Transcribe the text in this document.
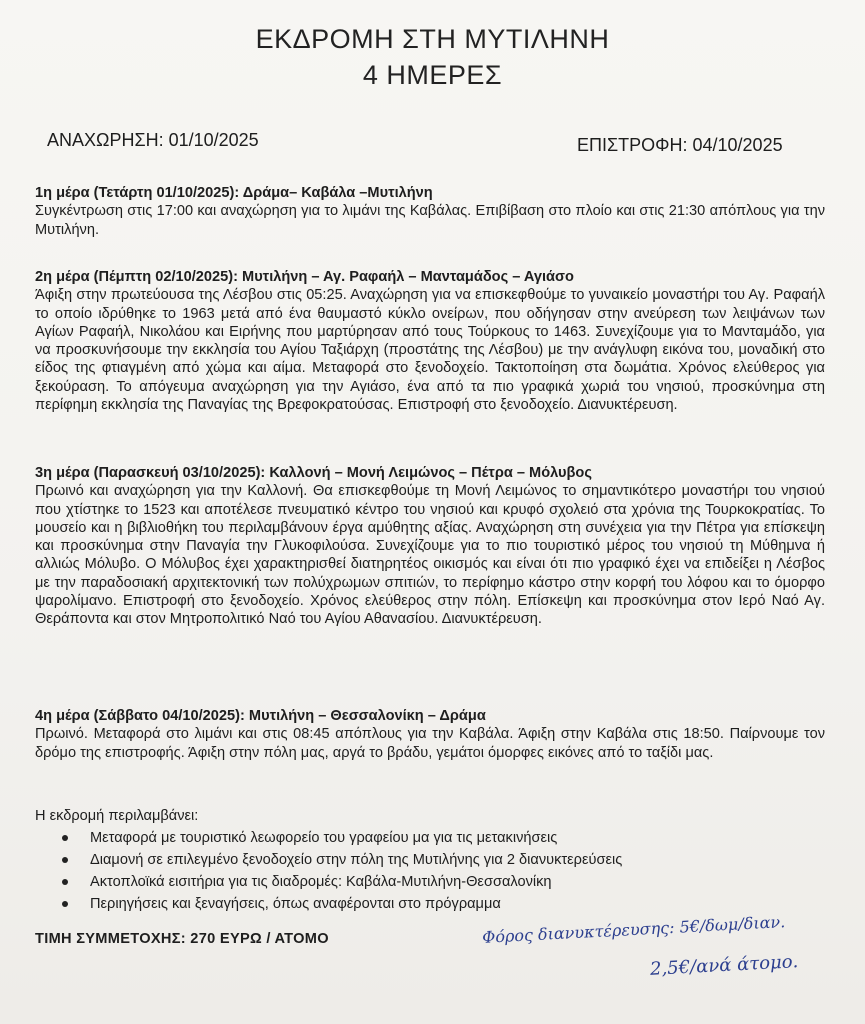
ΕΚΔΡΟΜΗ ΣΤΗ ΜΥΤΙΛΗΝΗ
4 ΗΜΕΡΕΣ
ΑΝΑΧΩΡΗΣΗ: 01/10/2025	ΕΠΙΣΤΡΟΦΗ: 04/10/2025
1η μέρα (Τετάρτη 01/10/2025): Δράμα– Καβάλα –Μυτιλήνη

Συγκέντρωση στις 17:00 και αναχώρηση για το λιμάνι της Καβάλας. Επιβίβαση στο πλοίο και στις 21:30 απόπλους για την Μυτιλήνη.

2η μέρα (Πέμπτη 02/10/2025): Μυτιλήνη – Αγ. Ραφαήλ – Μανταμάδος – Αγιάσο

Άφιξη στην πρωτεύουσα της Λέσβου στις 05:25. Αναχώρηση για να επισκεφθούμε το γυναικείο μοναστήρι του Αγ. Ραφαήλ το οποίο ιδρύθηκε το 1963 μετά από ένα θαυμαστό κύκλο ονείρων, που οδήγησαν στην ανεύρεση των λειψάνων των Αγίων Ραφαήλ, Νικολάου και Ειρήνης που μαρτύρησαν από τους Τούρκους το 1463. Συνεχίζουμε για το Μανταμάδο, για να προσκυνήσουμε την εκκλησία του Αγίου Ταξιάρχη (προστάτης της Λέσβου) με την ανάγλυφη εικόνα του, μοναδική στο είδος της φτιαγμένη από χώμα και αίμα. Μεταφορά στο ξενοδοχείο. Τακτοποίηση στα δωμάτια. Χρόνος ελεύθερος για ξεκούραση. Το απόγευμα αναχώρηση για την Αγιάσο, ένα από τα πιο γραφικά χωριά του νησιού, προσκύνημα στη περίφημη εκκλησία της Παναγίας της Βρεφοκρατούσας. Επιστροφή στο ξενοδοχείο. Διανυκτέρευση.

3η μέρα (Παρασκευή 03/10/2025): Καλλονή – Μονή Λειμώνος – Πέτρα – Μόλυβος

Πρωινό και αναχώρηση για την Καλλονή. Θα επισκεφθούμε τη Μονή Λειμώνος το σημαντικότερο μοναστήρι του νησιού που χτίστηκε το 1523 και αποτέλεσε πνευματικό κέντρο του νησιού και κρυφό σχολειό στα χρόνια της Τουρκοκρατίας. Το μουσείο και η βιβλιοθήκη του περιλαμβάνουν έργα αμύθητης αξίας. Αναχώρηση στη συνέχεια για την Πέτρα για επίσκεψη και προσκύνημα στην Παναγία την Γλυκοφιλούσα. Συνεχίζουμε για το πιο τουριστικό μέρος του νησιού τη Μύθημνα ή αλλιώς Μόλυβο. Ο Μόλυβος έχει χαρακτηρισθεί διατηρητέος οικισμός και είναι ότι πιο γραφικό έχει να επιδείξει η Λέσβος με την παραδοσιακή αρχιτεκτονική των πολύχρωμων σπιτιών, το περίφημο κάστρο στην κορφή του λόφου και το όμορφο ψαρολίμανο. Επιστροφή στο ξενοδοχείο. Χρόνος ελεύθερος στην πόλη. Επίσκεψη και προσκύνημα στον Ιερό Ναό Αγ. Θεράποντα και στον Μητροπολιτικό Ναό του Αγίου Αθανασίου. Διανυκτέρευση.

4η μέρα (Σάββατο 04/10/2025): Μυτιλήνη – Θεσσαλονίκη – Δράμα

Πρωινό. Μεταφορά στο λιμάνι και στις 08:45 απόπλους για την Καβάλα. Άφιξη στην Καβάλα στις 18:50. Παίρνουμε τον δρόμο της επιστροφής. Άφιξη στην πόλη μας, αργά το βράδυ, γεμάτοι όμορφες εικόνες από το ταξίδι μας.

Η εκδρομή περιλαμβάνει:
Μεταφορά με τουριστικό λεωφορείο του γραφείου μα για τις μετακινήσεις
Διαμονή σε επιλεγμένο ξενοδοχείο στην πόλη της Μυτιλήνης για 2 διανυκτερεύσεις
Ακτοπλοϊκά εισιτήρια για τις διαδρομές: Καβάλα-Μυτιλήνη-Θεσσαλονίκη
Περιηγήσεις και ξεναγήσεις, όπως αναφέρονται στο πρόγραμμα
ΤΙΜΗ ΣΥΜΜΕΤΟΧΗΣ: 270 ΕΥΡΩ / ΑΤΟΜΟ	Φόρος διανυκτέρευσης: 5€/δωμ/διαν.
2,5€/ανά άτομο.
